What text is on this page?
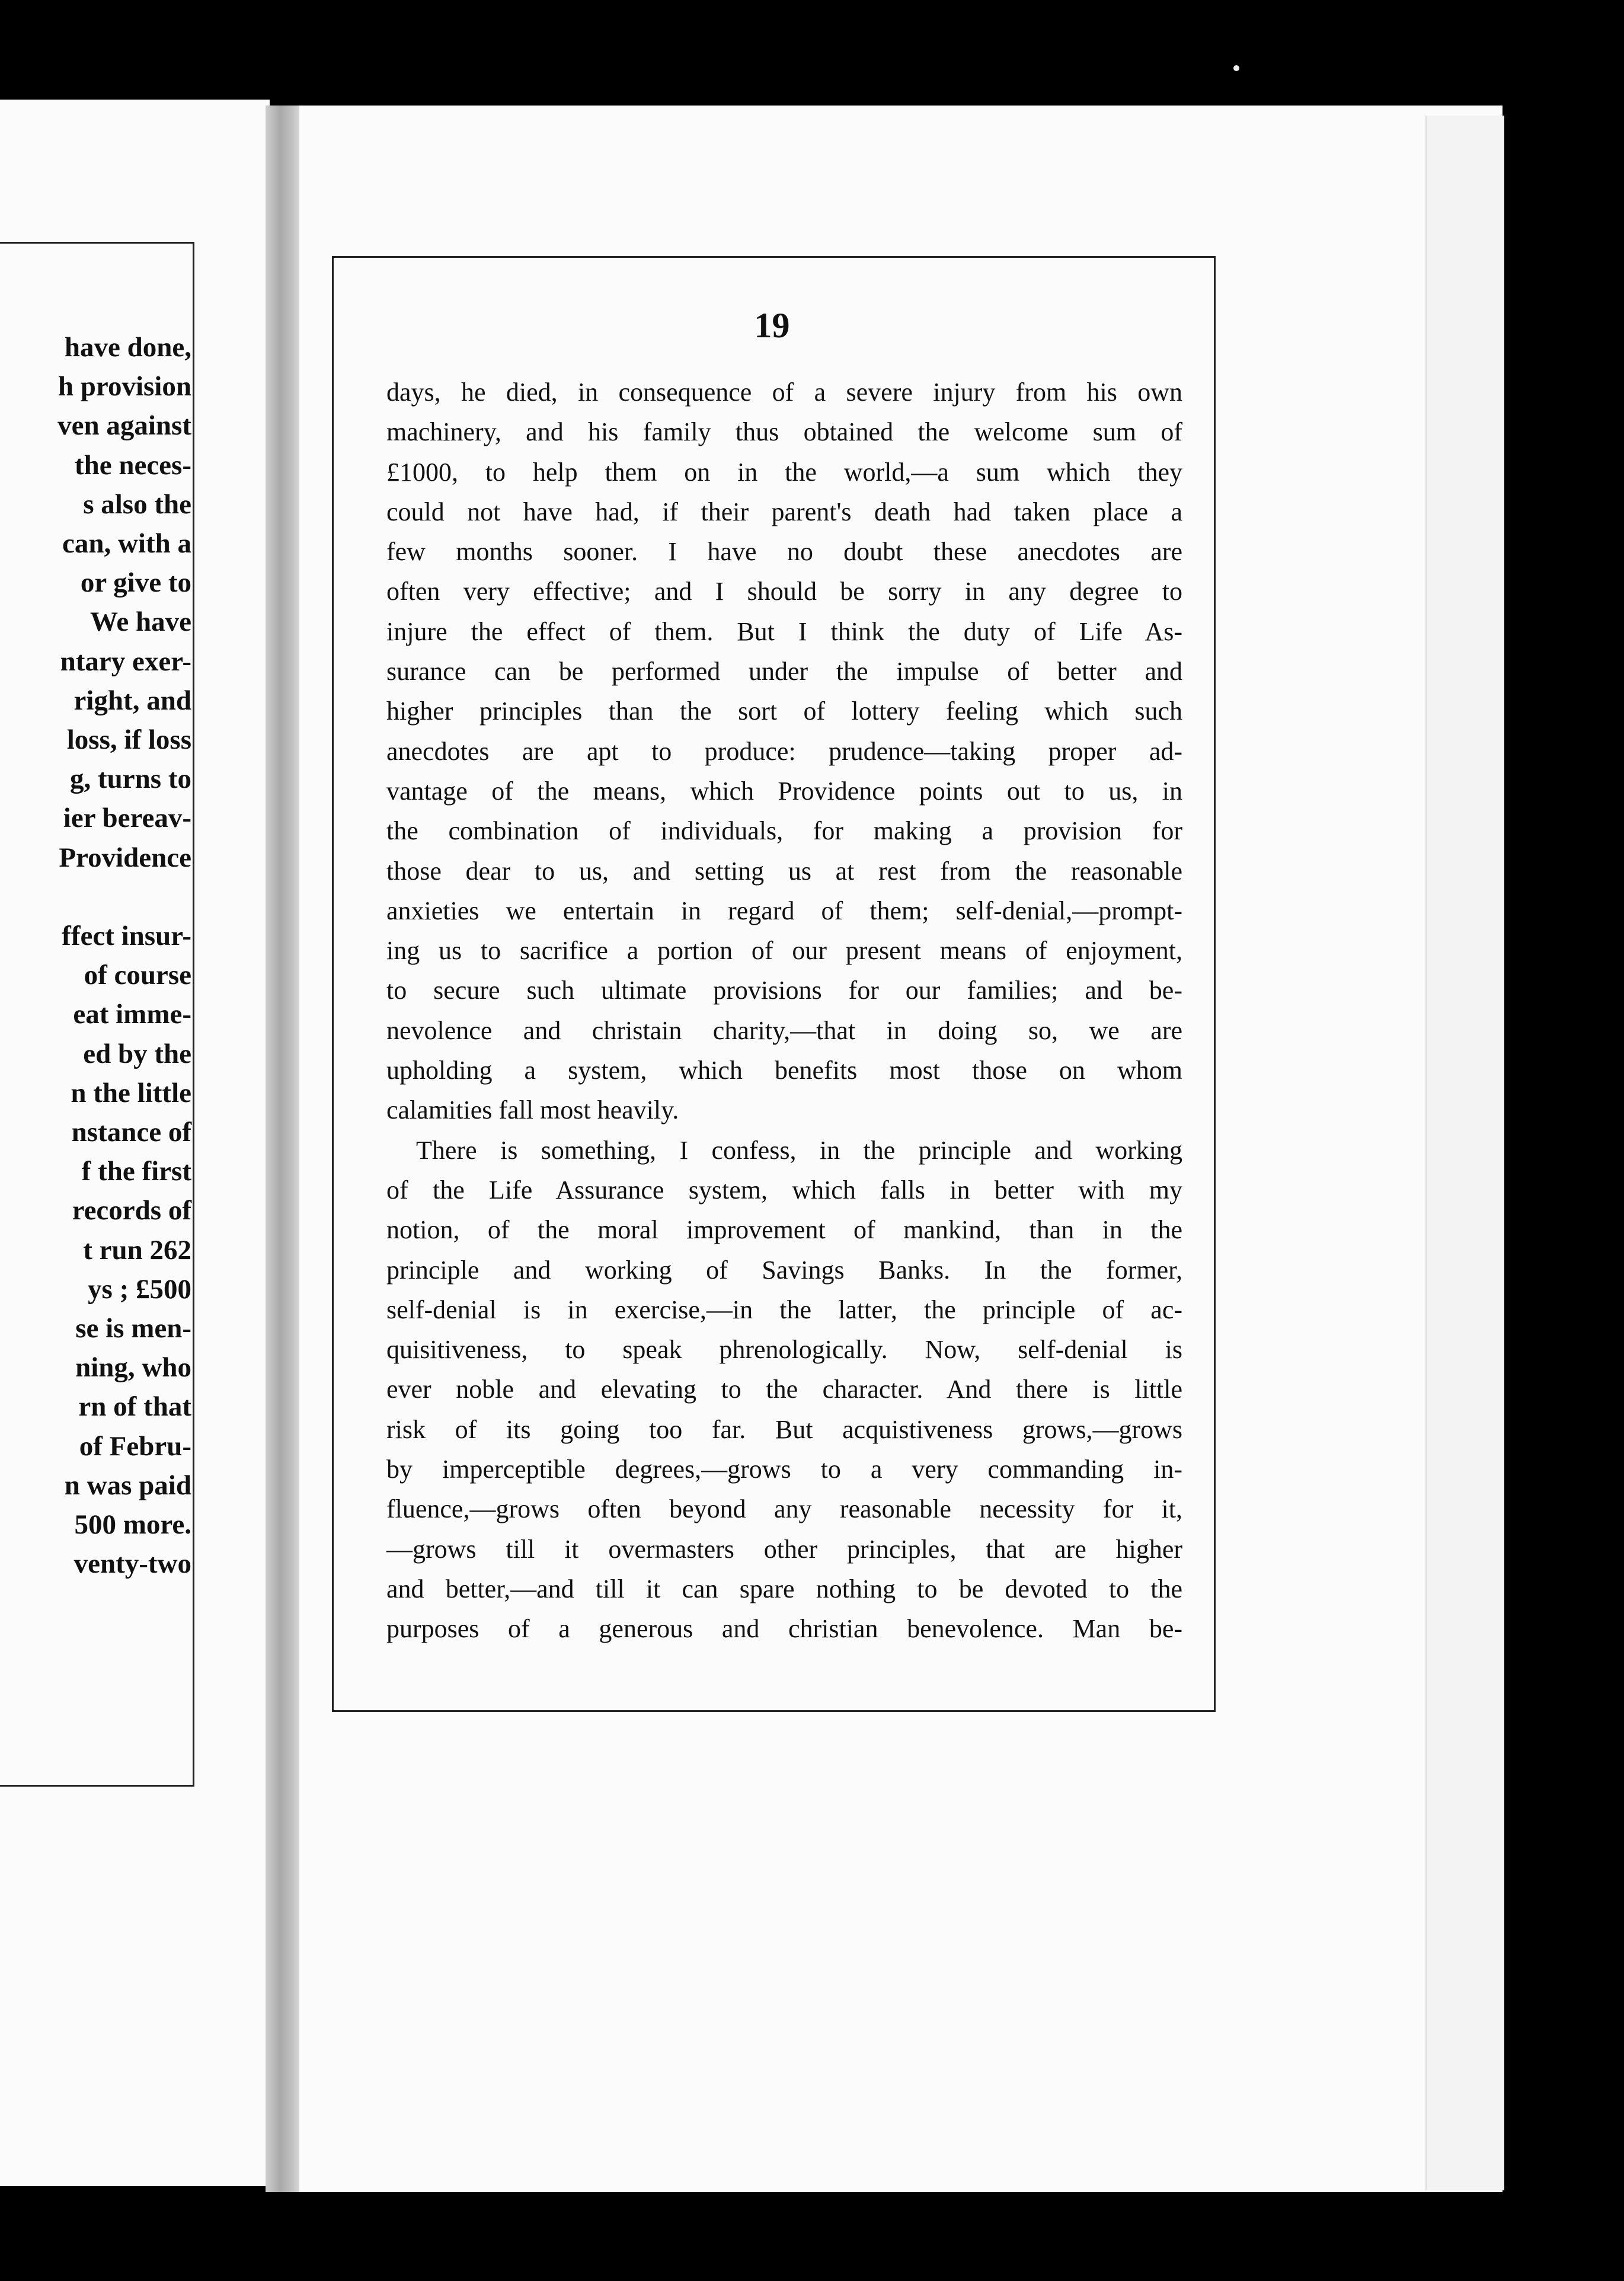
have done,
h provision
ven against
the neces-
s also the
can, with a
or give to
We have
ntary exer-
right, and
loss, if loss
g, turns to
ier bereav-
Providence

ffect insur-
of course
eat imme-
ed by the
n the little
nstance of
f the first
records of
t run 262
ys ; £500
se is men-
ning, who
rn of that
of Febru-
n was paid
500 more.
venty-two
19
days, he died, in consequence of a severe injury from his own
machinery, and his family thus obtained the welcome sum of
£1000, to help them on in the world,—a sum which they
could not have had, if their parent's death had taken place a
few months sooner. I have no doubt these anecdotes are
often very effective; and I should be sorry in any degree to
injure the effect of them. But I think the duty of Life As-
surance can be performed under the impulse of better and
higher principles than the sort of lottery feeling which such
anecdotes are apt to produce: prudence—taking proper ad-
vantage of the means, which Providence points out to us, in
the combination of individuals, for making a provision for
those dear to us, and setting us at rest from the reasonable
anxieties we entertain in regard of them; self-denial,—prompt-
ing us to sacrifice a portion of our present means of enjoyment,
to secure such ultimate provisions for our families; and be-
nevolence and christain charity,—that in doing so, we are
upholding a system, which benefits most those on whom
calamities fall most heavily.
There is something, I confess, in the principle and working
of the Life Assurance system, which falls in better with my
notion, of the moral improvement of mankind, than in the
principle and working of Savings Banks. In the former,
self-denial is in exercise,—in the latter, the principle of ac-
quisitiveness, to speak phrenologically. Now, self-denial is
ever noble and elevating to the character. And there is little
risk of its going too far. But acquistiveness grows,—grows
by imperceptible degrees,—grows to a very commanding in-
fluence,—grows often beyond any reasonable necessity for it,
—grows till it overmasters other principles, that are higher
and better,—and till it can spare nothing to be devoted to the
purposes of a generous and christian benevolence. Man be-
